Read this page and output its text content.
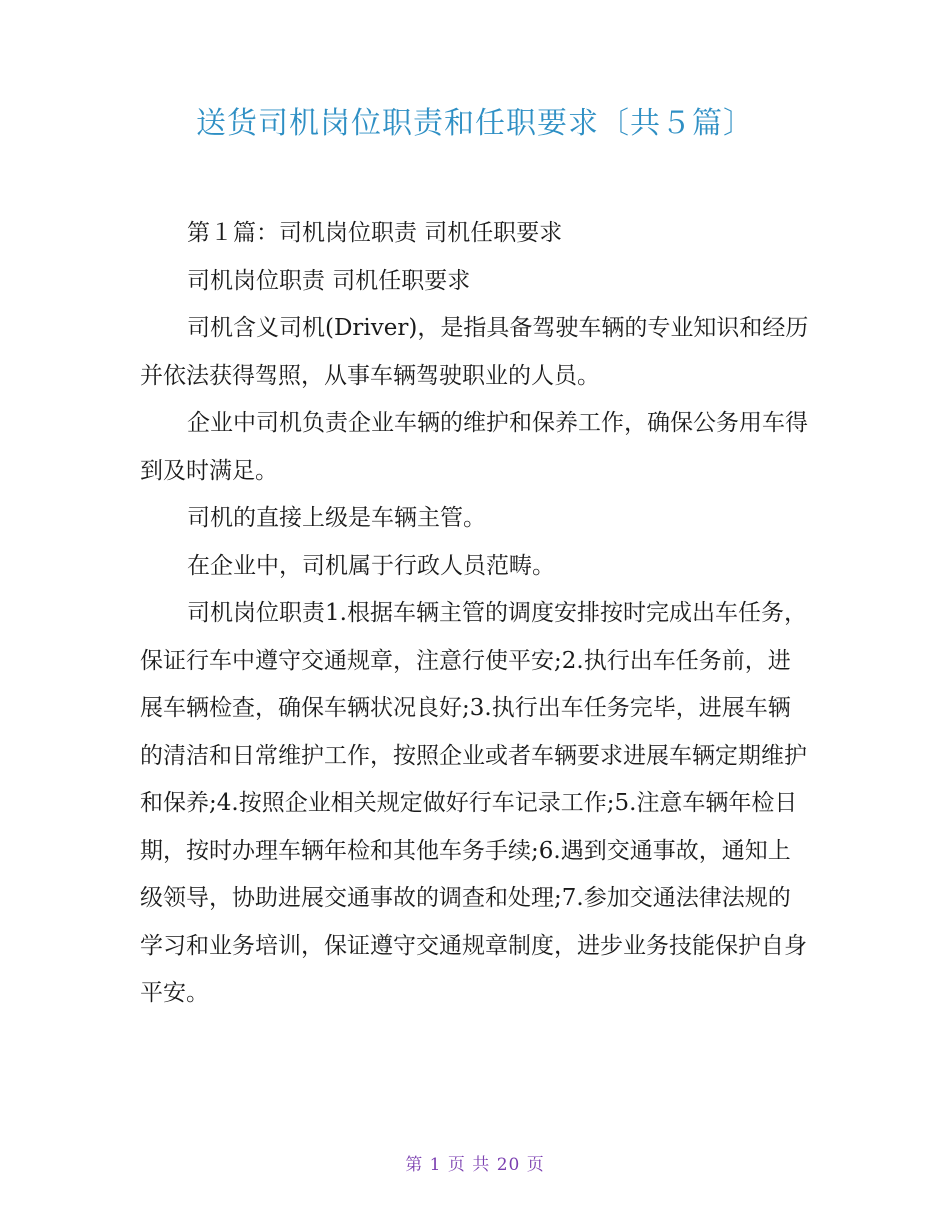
送货司机岗位职责和任职要求〔共５篇〕

第１篇：司机岗位职责 司机任职要求

司机岗位职责 司机任职要求

司机含义司机(Driver)，是指具备驾驶车辆的专业知识和经历并依法获得驾照，从事车辆驾驶职业的人员。

企业中司机负责企业车辆的维护和保养工作，确保公务用车得到及时满足。

司机的直接上级是车辆主管。

在企业中，司机属于行政人员范畴。

司机岗位职责1.根据车辆主管的调度安排按时完成出车任务，保证行车中遵守交通规章，注意行使平安;2.执行出车任务前，进展车辆检查，确保车辆状况良好;3.执行出车任务完毕，进展车辆的清洁和日常维护工作，按照企业或者车辆要求进展车辆定期维护和保养;4.按照企业相关规定做好行车记录工作;5.注意车辆年检日期，按时办理车辆年检和其他车务手续;6.遇到交通事故，通知上级领导，协助进展交通事故的调查和处理;7.参加交通法律法规的学习和业务培训，保证遵守交通规章制度，进步业务技能保护自身平安。

第 1 页 共 20 页
